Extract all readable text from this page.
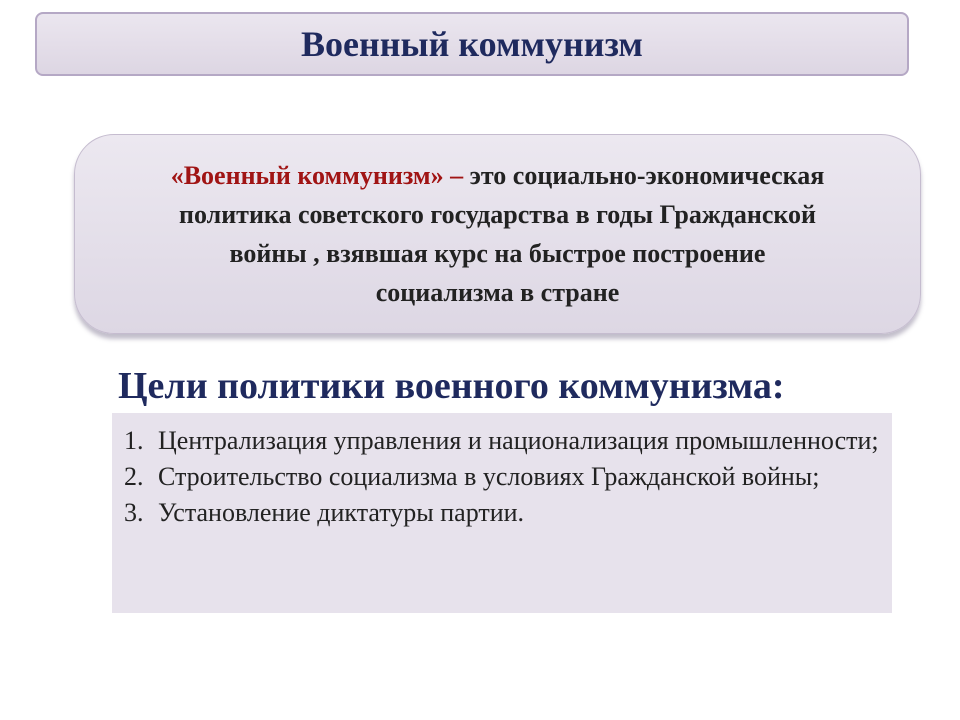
Военный коммунизм

«Военный коммунизм» – это социально-экономическая
политика советского государства в годы Гражданской
войны , взявшая курс на быстрое построение
социализма в стране

Цели политики военного коммунизма:
1. Централизация управления и национализация промышленности;
2. Строительство социализма в условиях Гражданской войны;
3. Установление диктатуры партии.
